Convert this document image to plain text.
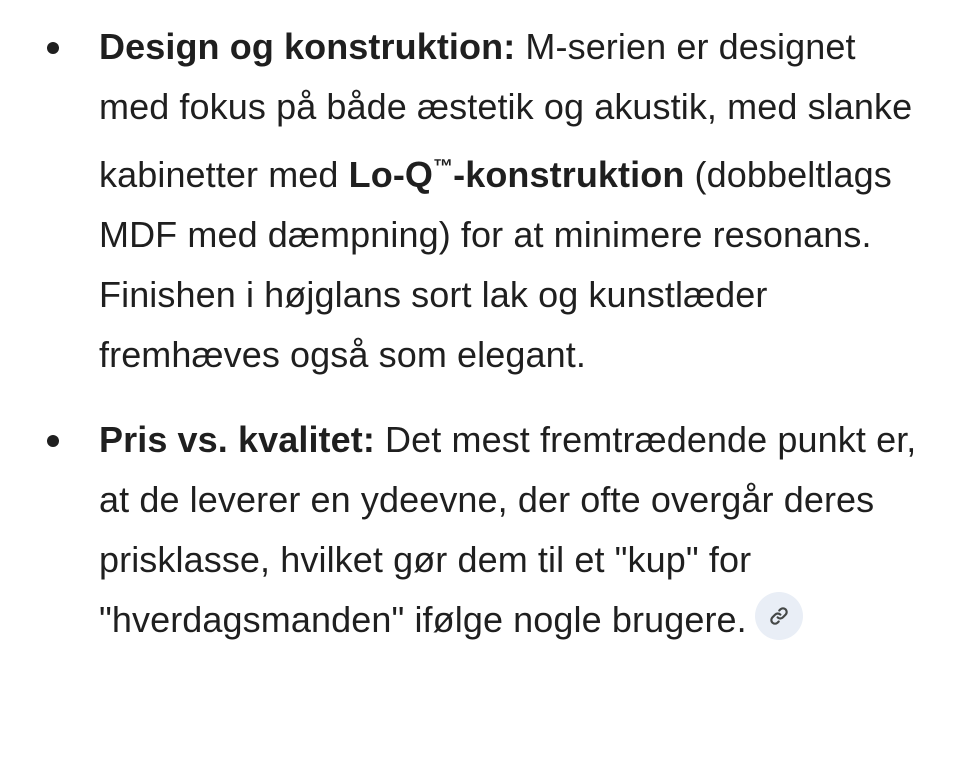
Design og konstruktion: M-serien er designet med fokus på både æstetik og akustik, med slanke kabinetter med Lo-Q™-konstruktion (dobbeltlags MDF med dæmpning) for at minimere resonans. Finishen i højglans sort lak og kunstlæder fremhæves også som elegant.
Pris vs. kvalitet: Det mest fremtrædende punkt er, at de leverer en ydeevne, der ofte overgår deres prisklasse, hvilket gør dem til et "kup" for "hverdagsmanden" ifølge nogle brugere.
